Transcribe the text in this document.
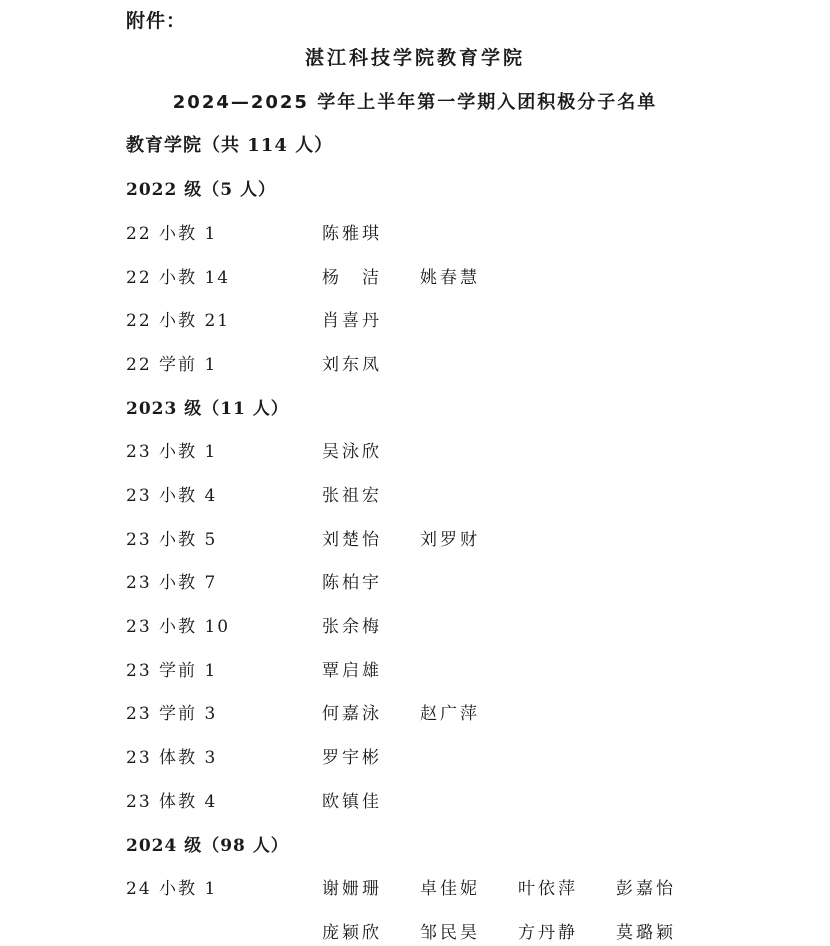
附件：
湛江科技学院教育学院
2024—2025 学年上半年第一学期入团积极分子名单
教育学院（共 114 人）
2022 级（5 人）
22 小教 1	陈雅琪
22 小教 14	杨　洁 姚春慧
22 小教 21	肖喜丹
22 学前 1	刘东凤
2023 级（11 人）
23 小教 1	吴泳欣
23 小教 4	张祖宏
23 小教 5	刘楚怡 刘罗财
23 小教 7	陈柏宇
23 小教 10	张余梅
23 学前 1	覃启雄
23 学前 3	何嘉泳 赵广萍
23 体教 3	罗宇彬
23 体教 4	欧镇佳
2024 级（98 人）
24 小教 1	谢姗珊 卓佳妮 叶依萍 彭嘉怡
庞颖欣 邹民昊 方丹静 莫璐颖
